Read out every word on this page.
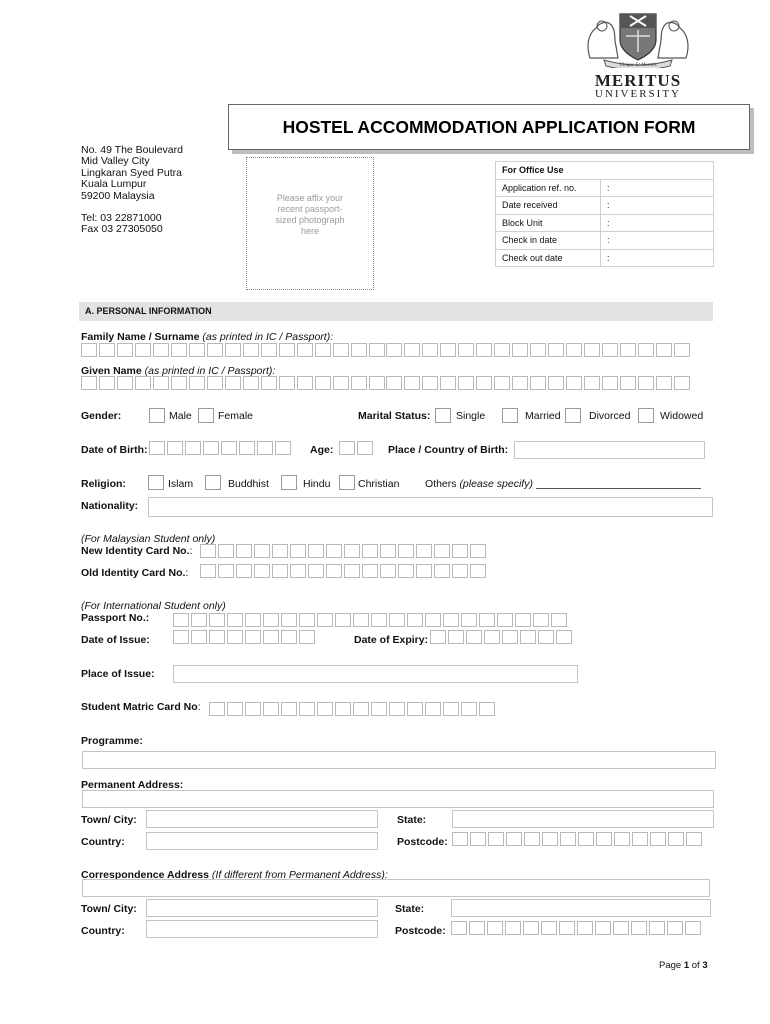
Ubique Et Morolis
MERITUS
UNIVERSITY
HOSTEL ACCOMMODATION APPLICATION FORM
No. 49 The Boulevard
Mid Valley City
Lingkaran Syed Putra
Kuala Lumpur
59200 Malaysia
Tel: 03 22871000
Fax 03 27305050
Please affix your recent passport-sized photograph here
For Office Use	
Application ref. no.	:
Date received	:
Block Unit	:
Check in date	:
Check out date	:
A. PERSONAL INFORMATION
Family Name / Surname (as printed in IC / Passport):
Given Name (as printed in IC / Passport):
Gender:	Male Female	Marital Status: Single	Married	Divorced	Widowed
Date of Birth:	Age:	Place / Country of Birth:
Religion:	Islam	Buddhist	Hindu	Christian Others (please specify)
Nationality:
(For Malaysian Student only)
New Identity Card No.:
Old Identity Card No.:
(For International Student only)
Passport No.:
Date of Issue:	Date of Expiry:
Place of Issue:
Student Matric Card No:
Programme:
Permanent Address:
Town/ City:	State:
Country:	Postcode:
Correspondence Address (If different from Permanent Address):
Town/ City:	State:
Country:	Postcode:
Page 1 of 3
